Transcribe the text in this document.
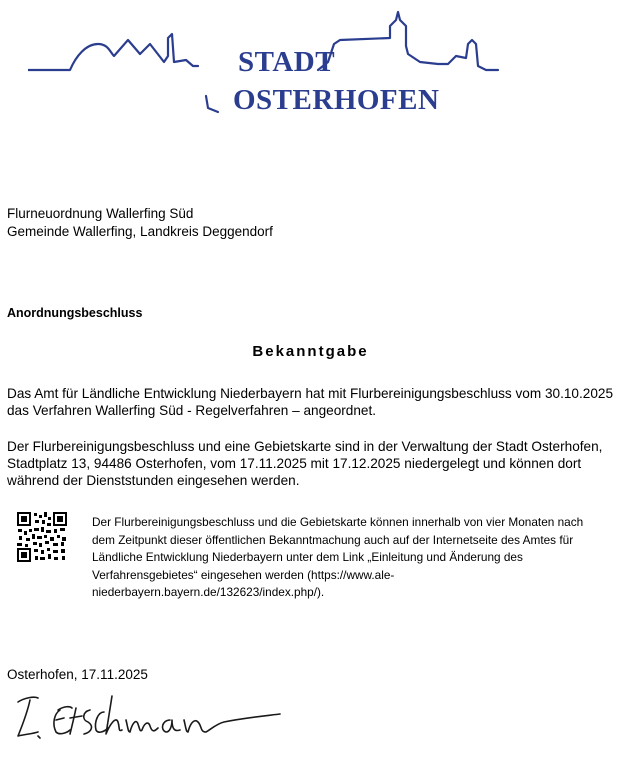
STADT
OSTERHOFEN
Flurneuordnung Wallerfing Süd
Gemeinde Wallerfing, Landkreis Deggendorf
Anordnungsbeschluss
Bekanntgabe
Das Amt für Ländliche Entwicklung Niederbayern hat mit Flurbereinigungsbeschluss vom 30.10.2025 das Verfahren Wallerfing Süd - Regelverfahren – angeordnet.
Der Flurbereinigungsbeschluss und eine Gebietskarte sind in der Verwaltung der Stadt Osterhofen, Stadtplatz 13, 94486 Osterhofen, vom 17.11.2025 mit 17.12.2025 niedergelegt und können dort während der Dienststunden eingesehen werden.
Der Flurbereinigungsbeschluss und die Gebietskarte können innerhalb von vier Monaten nach dem Zeitpunkt dieser öffentlichen Bekanntmachung auch auf der Internetseite des Amtes für Ländliche Entwicklung Niederbayern unter dem Link „Einleitung und Änderung des Verfahrensgebietes“ eingesehen werden (https://www.ale-niederbayern.bayern.de/132623/index.php/).
Osterhofen, 17.11.2025
